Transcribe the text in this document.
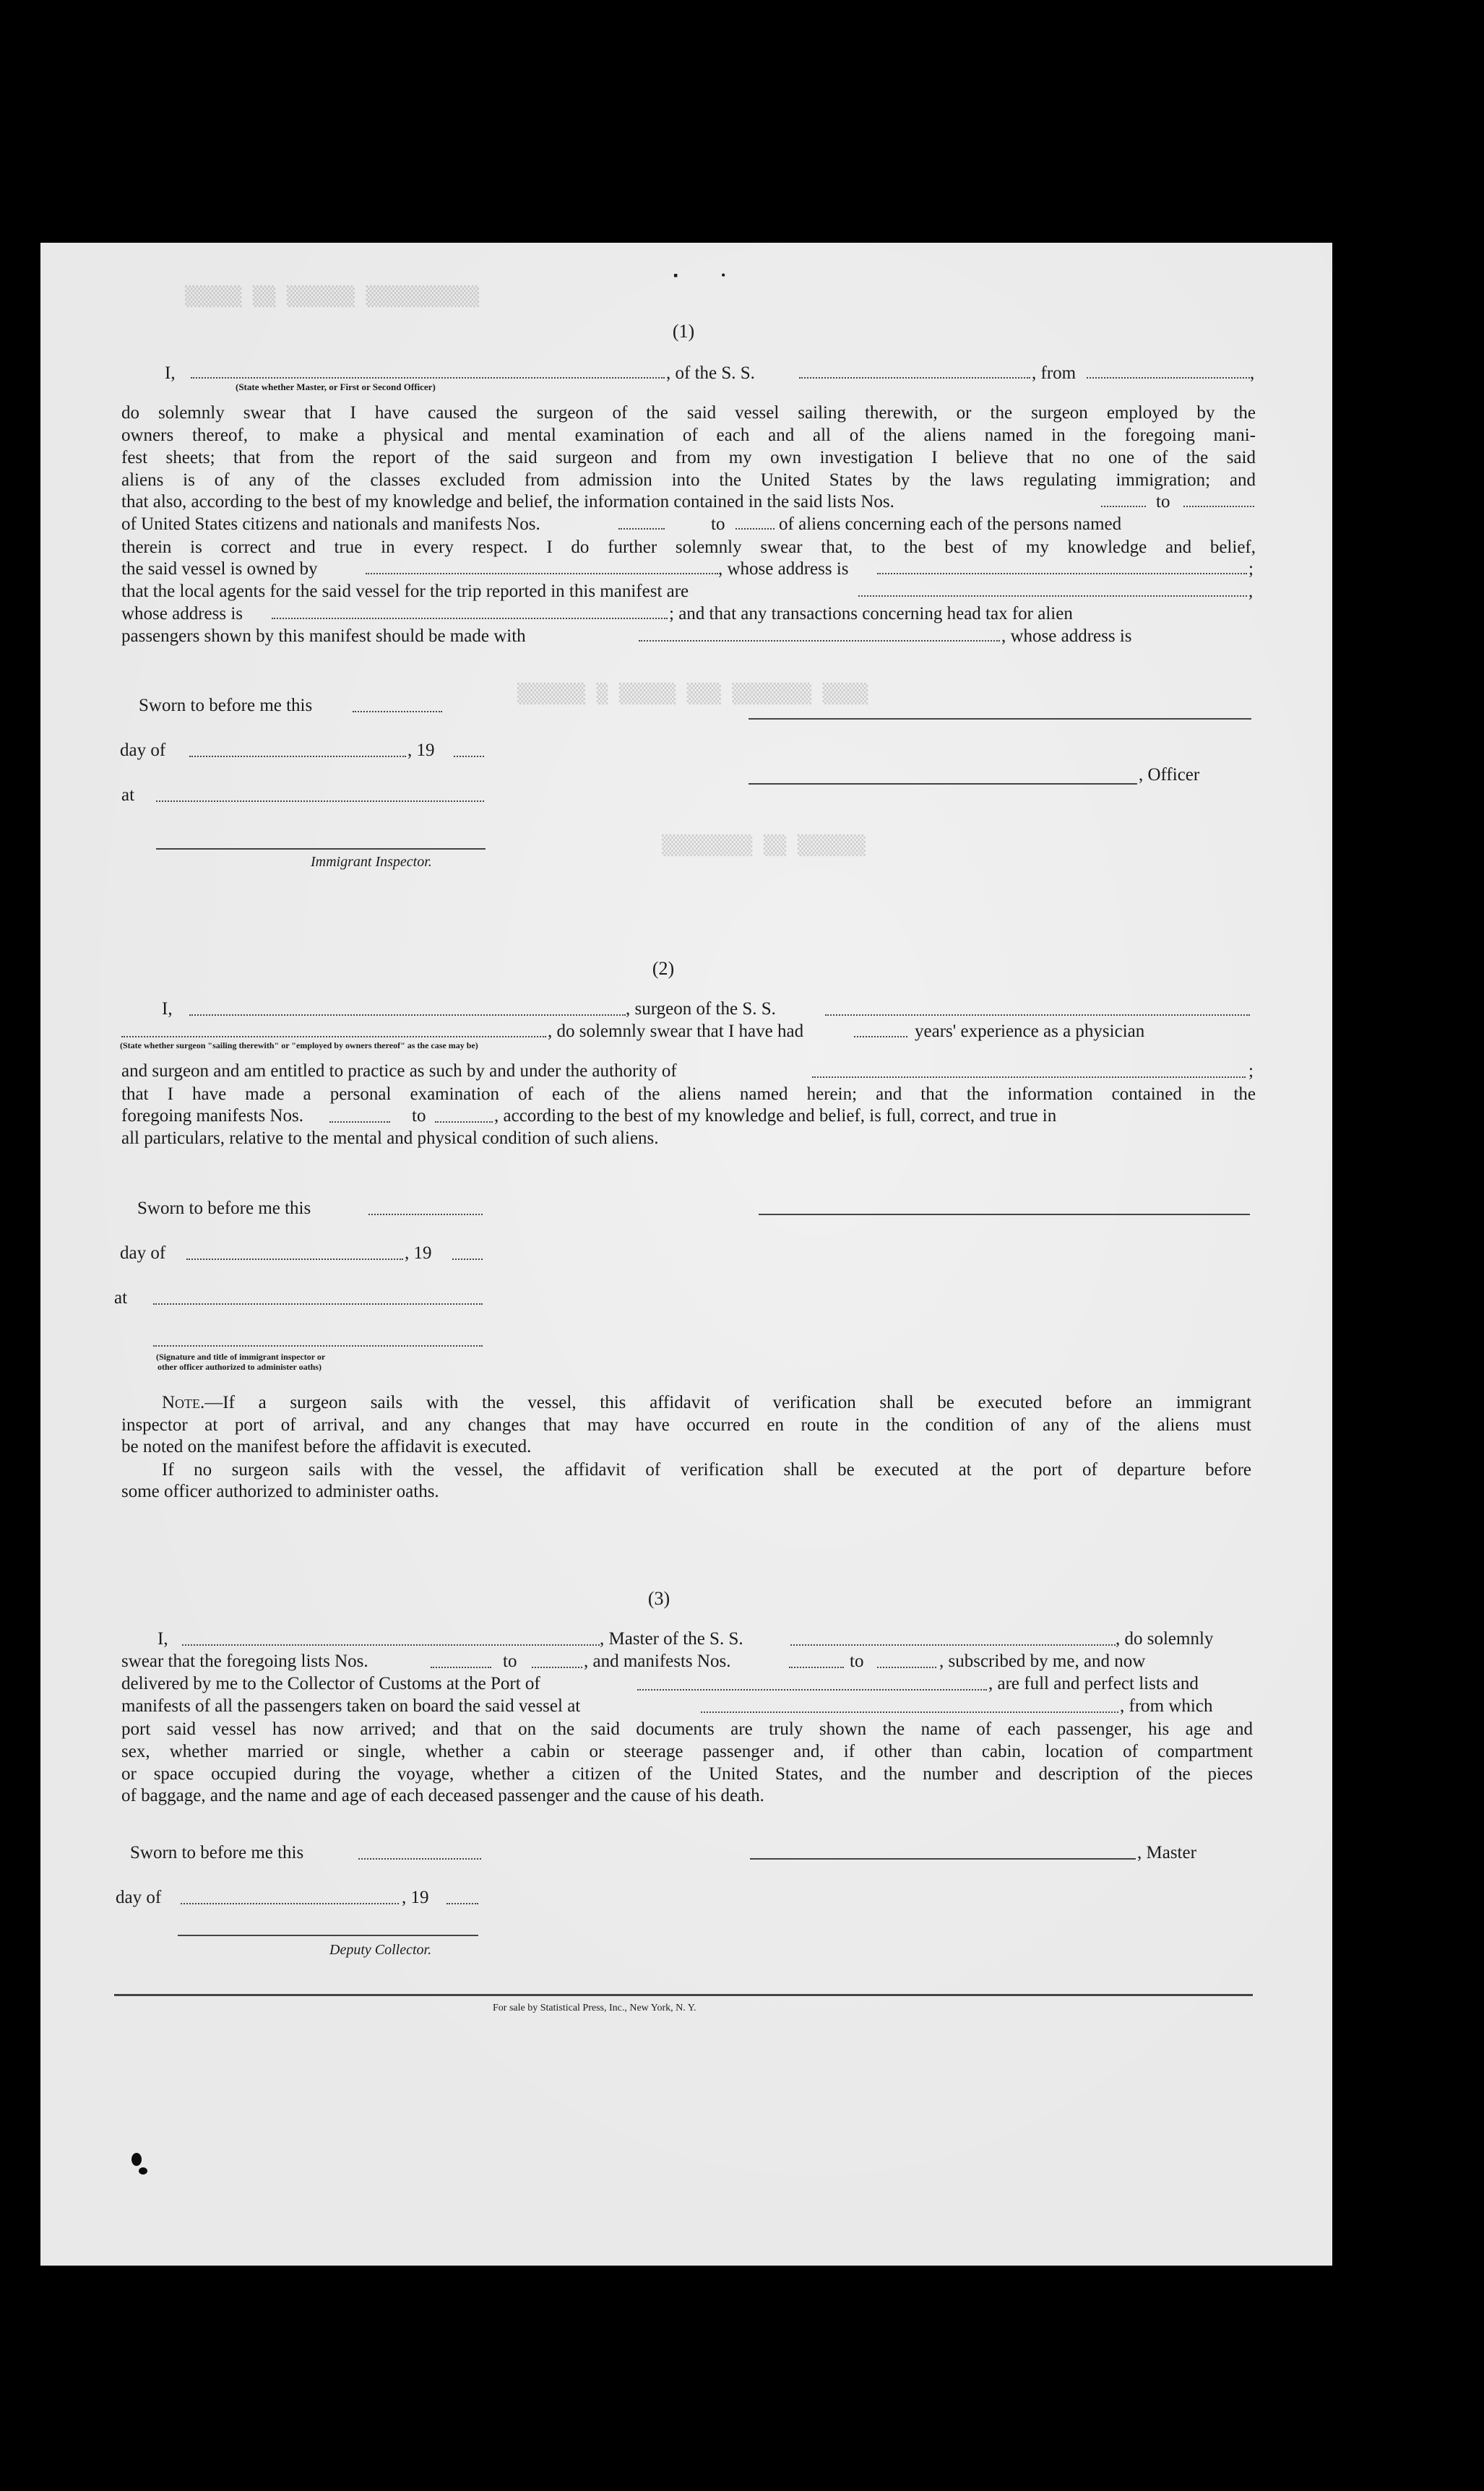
▪	•
▒▒▒▒▒ ▒▒ ▒▒▒▒▒▒ ▒▒▒▒▒▒▒▒▒▒
▒▒▒▒▒▒ ▒ ▒▒▒▒▒ ▒▒▒ ▒▒▒▒▒▒▒ ▒▒▒▒
▒▒▒▒▒▒▒▒ ▒▒ ▒▒▒▒▒▒
(1)
I,	, of the S. S.	, from	,
(State whether Master, or First or Second Officer)
do solemnly swear that I have caused the surgeon of the said vessel sailing therewith, or the surgeon employed by the
owners thereof, to make a physical and mental examination of each and all of the aliens named in the foregoing mani-
fest sheets; that from the report of the said surgeon and from my own investigation I believe that no one of the said
aliens is of any of the classes excluded from admission into the United States by the laws regulating immigration; and
that also, according to the best of my knowledge and belief, the information contained in the said lists Nos.	to
of United States citizens and nationals and manifests Nos.	to	of aliens concerning each of the persons named
therein is correct and true in every respect. I do further solemnly swear that, to the best of my knowledge and belief,
the said vessel is owned by	, whose address is	;
that the local agents for the said vessel for the trip reported in this manifest are	,
whose address is	; and that any transactions concerning head tax for alien
passengers shown by this manifest should be made with	, whose address is
Sworn to before me this
day of	, 19
at
Immigrant Inspector.
, Officer
(2)
I,	, surgeon of the S. S.
, do solemnly swear that I have had	years' experience as a physician
(State whether surgeon "sailing therewith" or "employed by owners thereof" as the case may be)
and surgeon and am entitled to practice as such by and under the authority of	;
that I have made a personal examination of each of the aliens named herein; and that the information contained in the
foregoing manifests Nos.	to	, according to the best of my knowledge and belief, is full, correct, and true in
all particulars, relative to the mental and physical condition of such aliens.
Sworn to before me this
day of	, 19
at
(Signature and title of immigrant inspector or
other officer authorized to administer oaths)
Note.—If a surgeon sails with the vessel, this affidavit of verification shall be executed before an immigrant
inspector at port of arrival, and any changes that may have occurred en route in the condition of any of the aliens must
be noted on the manifest before the affidavit is executed.
If no surgeon sails with the vessel, the affidavit of verification shall be executed at the port of departure before
some officer authorized to administer oaths.
(3)
I,	, Master of the S. S.	, do solemnly
swear that the foregoing lists Nos.	to	, and manifests Nos.	to	, subscribed by me, and now
delivered by me to the Collector of Customs at the Port of	, are full and perfect lists and
manifests of all the passengers taken on board the said vessel at	, from which
port said vessel has now arrived; and that on the said documents are truly shown the name of each passenger, his age and
sex, whether married or single, whether a cabin or steerage passenger and, if other than cabin, location of compartment
or space occupied during the voyage, whether a citizen of the United States, and the number and description of the pieces
of baggage, and the name and age of each deceased passenger and the cause of his death.
Sworn to before me this	, Master
day of	, 19
Deputy Collector.
For sale by Statistical Press, Inc., New York, N. Y.
